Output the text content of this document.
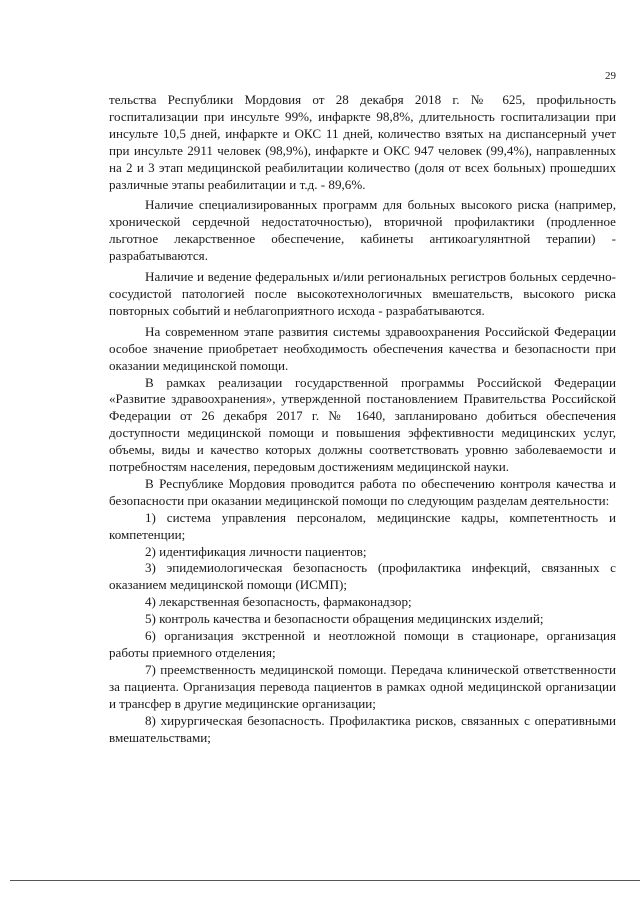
29

тельства Республики Мордовия от 28 декабря 2018 г. № 625, профильность госпитализации при инсульте 99%, инфаркте 98,8%, длительность госпитализации при инсульте 10,5 дней, инфаркте и ОКС 11 дней, количество взятых на диспансерный учет при инсульте 2911 человек (98,9%), инфаркте и ОКС 947 человек (99,4%), направленных на 2 и 3 этап медицинской реабилитации количество (доля от всех больных) прошедших различные этапы реабилитации и т.д. - 89,6%.

Наличие специализированных программ для больных высокого риска (например, хронической сердечной недостаточностью), вторичной профилактики (продленное льготное лекарственное обеспечение, кабинеты антикоагулянтной терапии) - разрабатываются.

Наличие и ведение федеральных и/или региональных регистров больных сердечно-сосудистой патологией после высокотехнологичных вмешательств, высокого риска повторных событий и неблагоприятного исхода - разрабатываются.

На современном этапе развития системы здравоохранения Российской Федерации особое значение приобретает необходимость обеспечения качества и безопасности при оказании медицинской помощи.

В рамках реализации государственной программы Российской Федерации «Развитие здравоохранения», утвержденной постановлением Правительства Российской Федерации от 26 декабря 2017 г. № 1640, запланировано добиться обеспечения доступности медицинской помощи и повышения эффективности медицинских услуг, объемы, виды и качество которых должны соответствовать уровню заболеваемости и потребностям населения, передовым достижениям медицинской науки.

В Республике Мордовия проводится работа по обеспечению контроля качества и безопасности при оказании медицинской помощи по следующим разделам деятельности:

1) система управления персоналом, медицинские кадры, компетентность и компетенции;

2) идентификация личности пациентов;

3) эпидемиологическая безопасность (профилактика инфекций, связанных с оказанием медицинской помощи (ИСМП);

4) лекарственная безопасность, фармаконадзор;

5) контроль качества и безопасности обращения медицинских изделий;

6) организация экстренной и неотложной помощи в стационаре, организация работы приемного отделения;

7) преемственность медицинской помощи. Передача клинической ответственности за пациента. Организация перевода пациентов в рамках одной медицинской организации и трансфер в другие медицинские организации;

8) хирургическая безопасность. Профилактика рисков, связанных с оперативными вмешательствами;
